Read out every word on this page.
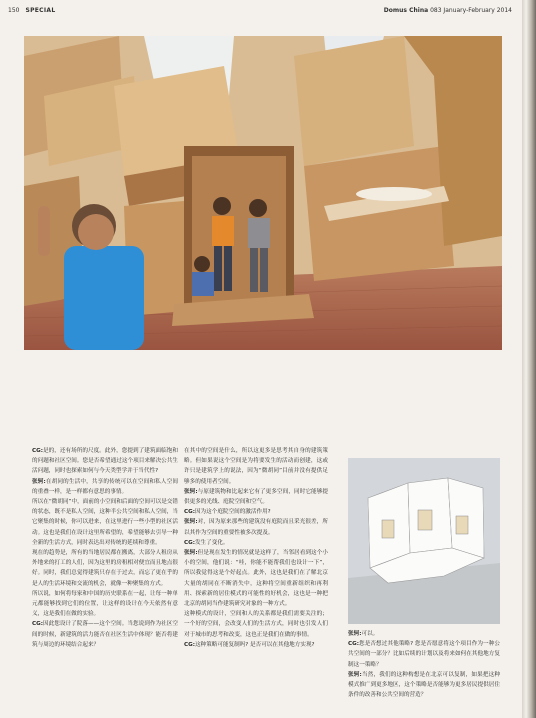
150 SPECIAL	Domus China 083 January-February 2014

CG:是的，还有场所的尺度。此外，您提到了建筑面临饱和的问题和社区空间。您是否希望通过这个项目来解决公共生活问题，同时也探索如何与今天类型学并于当代性?

张轲:在胡同的生活中，共享的传统可以在空间和私人空间的重叠一样，是一样都有意思的事情。

所以在“微胡同”中，面前的小空间和后面的空间可以是交错的状态，既不是私人空间，这种半公共空间和私人空间，当它聚集的时候，你可以进来，在这里进行一些小型的社区活动。这也是我们在设计这里所希望的，希望能够去引导一种全新的生活方式，同时表达出对传统的延续和尊重。

现在的趋势是，所有的当地居民都在搬离，大部分人租房从外地来的打工的人们，因为这里的房租相对便宜而且地点很好。同时，我们总觉得建筑只存在于过去，而忘了更在乎的是人的生活环境和交流的机会，就像一种聚集的方式。

所以说，如何将每家和中国的历史联系在一起，让每一种单元都能够找到它们的位置，让这样的设计在今天依然有意义，这是我们在做的实验。

CG:因此您设计了院落——这个空间。当您说到作为社区空间的时候，新建筑的活力能否在社区生活中体现？能否将建筑与周边的环境结合起来？

在其中的空间是什么，所以这更多是思考其自身的建筑策略。但如果说这个空间是为将要发生的活动而创建，这或许只是建筑学上的说法，因为“微胡同”目前并没有提供足够多的使用者空间。

张轲:与原建筑物和比起来它有了更多空间，同时它能够提供更多的光线、庭院空间和空气。

CG:因为这个庭院空间的激活作用?

张轲:对，因为原来那些的建筑没有庭院而且采光很差，所以其作为空间的重要性被多次提及。

CG:发生了变化。

张轲:但是现在发生的情况就是这样了，当邻居看到这个小小的空间，他们说：“哇，你能不能帮我们也设计一下”，所以我觉得这是个好起点。此外，这也是我们在了解北京大量的胡同在不断消失中，这种将空间重新组织和再利用、探索新的居住模式的可能性的好机会，这也是一种把北京的胡同当作建筑研究对象的一种方式。

这种模式的设计，空间和人的关系都是我们需要关注的；一个好的空间，会改变人们的生活方式，同时也引发人们对于城市的思考和改变，这也正是我们在做的事情。

CG:这种策略可能复制吗? 是否可以在其他地方实现?

张轲:可以。

CG:您是否想过其他策略? 您是否愿意将这个项目作为一种公共空间的一部分？比如后续的计划以及将来如何在其他地方复制这一策略？

张轲:当然，我们的这种构想是在北京可以复制，如果把这种模式推广到更多地区，这个策略是否能够为更多居民提供居住条件的改善和公共空间的营造？
